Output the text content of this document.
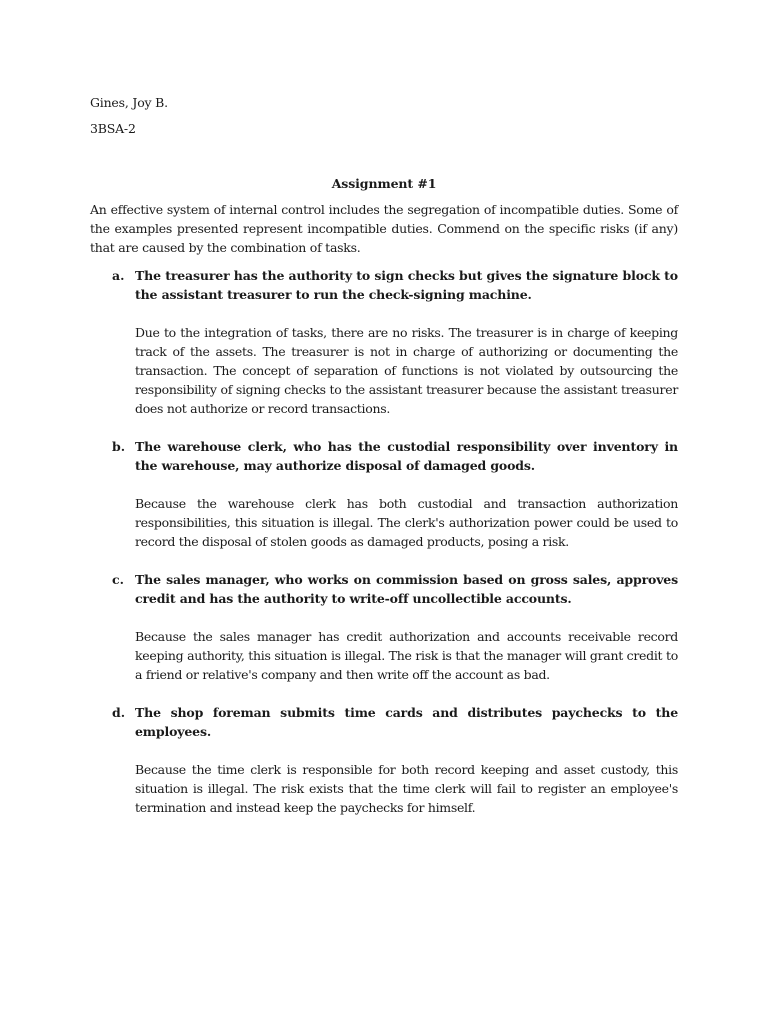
Gines, Joy B.

3BSA-2

Assignment #1

An effective system of internal control includes the segregation of incompatible duties. Some of the examples presented represent incompatible duties. Commend on the specific risks (if any) that are caused by the combination of tasks.

a. The treasurer has the authority to sign checks but gives the signature block to the assistant treasurer to run the check-signing machine.

Due to the integration of tasks, there are no risks. The treasurer is in charge of keeping track of the assets. The treasurer is not in charge of authorizing or documenting the transaction. The concept of separation of functions is not violated by outsourcing the responsibility of signing checks to the assistant treasurer because the assistant treasurer does not authorize or record transactions.

b. The warehouse clerk, who has the custodial responsibility over inventory in the warehouse, may authorize disposal of damaged goods.

Because the warehouse clerk has both custodial and transaction authorization responsibilities, this situation is illegal. The clerk's authorization power could be used to record the disposal of stolen goods as damaged products, posing a risk.

c. The sales manager, who works on commission based on gross sales, approves credit and has the authority to write-off uncollectible accounts.

Because the sales manager has credit authorization and accounts receivable record keeping authority, this situation is illegal. The risk is that the manager will grant credit to a friend or relative's company and then write off the account as bad.

d. The shop foreman submits time cards and distributes paychecks to the employees.

Because the time clerk is responsible for both record keeping and asset custody, this situation is illegal. The risk exists that the time clerk will fail to register an employee's termination and instead keep the paychecks for himself.
